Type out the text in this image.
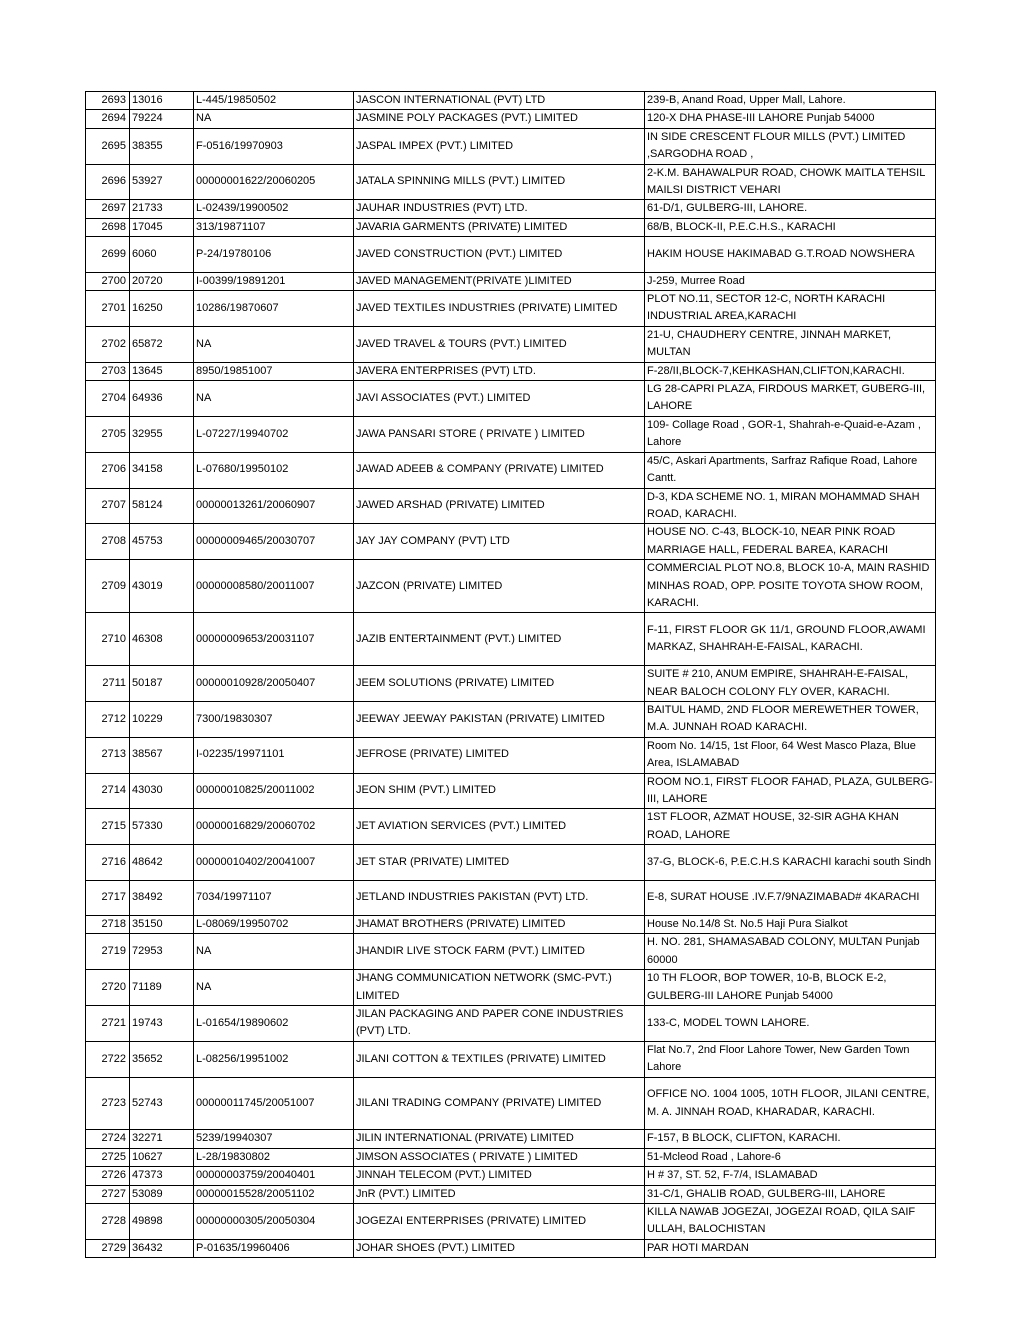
2693	13016	L-445/19850502	JASCON INTERNATIONAL (PVT) LTD	239-B, Anand Road, Upper Mall, Lahore.
2694	79224	NA	JASMINE POLY PACKAGES (PVT.) LIMITED	120-X DHA PHASE-III LAHORE Punjab 54000
2695	38355	F-0516/19970903	JASPAL IMPEX (PVT.) LIMITED	IN SIDE CRESCENT FLOUR MILLS (PVT.) LIMITED ,SARGODHA ROAD ,
2696	53927	00000001622/20060205	JATALA SPINNING MILLS (PVT.) LIMITED	2-K.M. BAHAWALPUR ROAD, CHOWK MAITLA TEHSIL MAILSI DISTRICT VEHARI
2697	21733	L-02439/19900502	JAUHAR INDUSTRIES (PVT) LTD.	61-D/1, GULBERG-III, LAHORE.
2698	17045	313/19871107	JAVARIA GARMENTS (PRIVATE) LIMITED	68/B, BLOCK-II, P.E.C.H.S., KARACHI
2699	6060	P-24/19780106	JAVED CONSTRUCTION (PVT.) LIMITED	HAKIM HOUSE HAKIMABAD G.T.ROAD NOWSHERA
2700	20720	I-00399/19891201	JAVED MANAGEMENT(PRIVATE )LIMITED	J-259, Murree Road
2701	16250	10286/19870607	JAVED TEXTILES INDUSTRIES (PRIVATE) LIMITED	PLOT NO.11, SECTOR 12-C, NORTH KARACHI INDUSTRIAL AREA,KARACHI
2702	65872	NA	JAVED TRAVEL & TOURS (PVT.) LIMITED	21-U, CHAUDHERY CENTRE, JINNAH MARKET, MULTAN
2703	13645	8950/19851007	JAVERA ENTERPRISES (PVT) LTD.	F-28/II,BLOCK-7,KEHKASHAN,CLIFTON,KARACHI.
2704	64936	NA	JAVI ASSOCIATES (PVT.) LIMITED	LG 28-CAPRI PLAZA, FIRDOUS MARKET, GUBERG-III, LAHORE
2705	32955	L-07227/19940702	JAWA PANSARI STORE ( PRIVATE ) LIMITED	109- Collage Road , GOR-1, Shahrah-e-Quaid-e-Azam , Lahore
2706	34158	L-07680/19950102	JAWAD ADEEB & COMPANY (PRIVATE) LIMITED	45/C, Askari Apartments, Sarfraz Rafique Road, Lahore Cantt.
2707	58124	00000013261/20060907	JAWED ARSHAD (PRIVATE) LIMITED	D-3, KDA SCHEME NO. 1, MIRAN MOHAMMAD SHAH ROAD, KARACHI.
2708	45753	00000009465/20030707	JAY JAY COMPANY (PVT) LTD	HOUSE NO. C-43, BLOCK-10, NEAR PINK ROAD MARRIAGE HALL, FEDERAL BAREA, KARACHI
2709	43019	00000008580/20011007	JAZCON (PRIVATE) LIMITED	COMMERCIAL PLOT NO.8, BLOCK 10-A, MAIN RASHID MINHAS ROAD, OPP. POSITE TOYOTA SHOW ROOM, KARACHI.
2710	46308	00000009653/20031107	JAZIB ENTERTAINMENT (PVT.) LIMITED	F-11, FIRST FLOOR GK 11/1, GROUND FLOOR,AWAMI MARKAZ, SHAHRAH-E-FAISAL, KARACHI.
2711	50187	00000010928/20050407	JEEM SOLUTIONS (PRIVATE) LIMITED	SUITE # 210, ANUM EMPIRE, SHAHRAH-E-FAISAL, NEAR BALOCH COLONY FLY OVER, KARACHI.
2712	10229	7300/19830307	JEEWAY JEEWAY PAKISTAN (PRIVATE) LIMITED	BAITUL HAMD, 2ND FLOOR MEREWETHER TOWER, M.A. JUNNAH ROAD KARACHI.
2713	38567	I-02235/19971101	JEFROSE (PRIVATE) LIMITED	Room No. 14/15, 1st Floor, 64 West Masco Plaza, Blue Area, ISLAMABAD
2714	43030	00000010825/20011002	JEON SHIM (PVT.) LIMITED	ROOM NO.1, FIRST FLOOR FAHAD, PLAZA, GULBERG-III, LAHORE
2715	57330	00000016829/20060702	JET AVIATION SERVICES (PVT.) LIMITED	1ST FLOOR, AZMAT HOUSE, 32-SIR AGHA KHAN ROAD, LAHORE
2716	48642	00000010402/20041007	JET STAR (PRIVATE) LIMITED	37-G, BLOCK-6, P.E.C.H.S KARACHI karachi south Sindh
2717	38492	7034/19971107	JETLAND INDUSTRIES PAKISTAN (PVT) LTD.	E-8, SURAT HOUSE .IV.F.7/9NAZIMABAD# 4KARACHI
2718	35150	L-08069/19950702	JHAMAT BROTHERS (PRIVATE) LIMITED	House No.14/8 St. No.5 Haji Pura Sialkot
2719	72953	NA	JHANDIR LIVE STOCK FARM (PVT.) LIMITED	H. NO. 281, SHAMASABAD COLONY, MULTAN Punjab 60000
2720	71189	NA	JHANG COMMUNICATION NETWORK (SMC-PVT.) LIMITED	10 TH FLOOR, BOP TOWER, 10-B, BLOCK E-2, GULBERG-III LAHORE Punjab 54000
2721	19743	L-01654/19890602	JILAN PACKAGING AND PAPER CONE INDUSTRIES (PVT) LTD.	133-C, MODEL TOWN LAHORE.
2722	35652	L-08256/19951002	JILANI COTTON & TEXTILES (PRIVATE) LIMITED	Flat No.7, 2nd Floor Lahore Tower, New Garden Town Lahore
2723	52743	00000011745/20051007	JILANI TRADING COMPANY (PRIVATE) LIMITED	OFFICE NO. 1004 1005, 10TH FLOOR, JILANI CENTRE, M. A. JINNAH ROAD, KHARADAR, KARACHI.
2724	32271	5239/19940307	JILIN INTERNATIONAL (PRIVATE) LIMITED	F-157, B BLOCK, CLIFTON, KARACHI.
2725	10627	L-28/19830802	JIMSON ASSOCIATES ( PRIVATE ) LIMITED	51-Mcleod Road , Lahore-6
2726	47373	00000003759/20040401	JINNAH TELECOM (PVT.) LIMITED	H # 37, ST. 52, F-7/4, ISLAMABAD
2727	53089	00000015528/20051102	JnR (PVT.) LIMITED	31-C/1, GHALIB ROAD, GULBERG-III, LAHORE
2728	49898	00000000305/20050304	JOGEZAI ENTERPRISES (PRIVATE) LIMITED	KILLA NAWAB JOGEZAI, JOGEZAI ROAD, QILA SAIF ULLAH, BALOCHISTAN
2729	36432	P-01635/19960406	JOHAR SHOES (PVT.) LIMITED	PAR HOTI MARDAN
